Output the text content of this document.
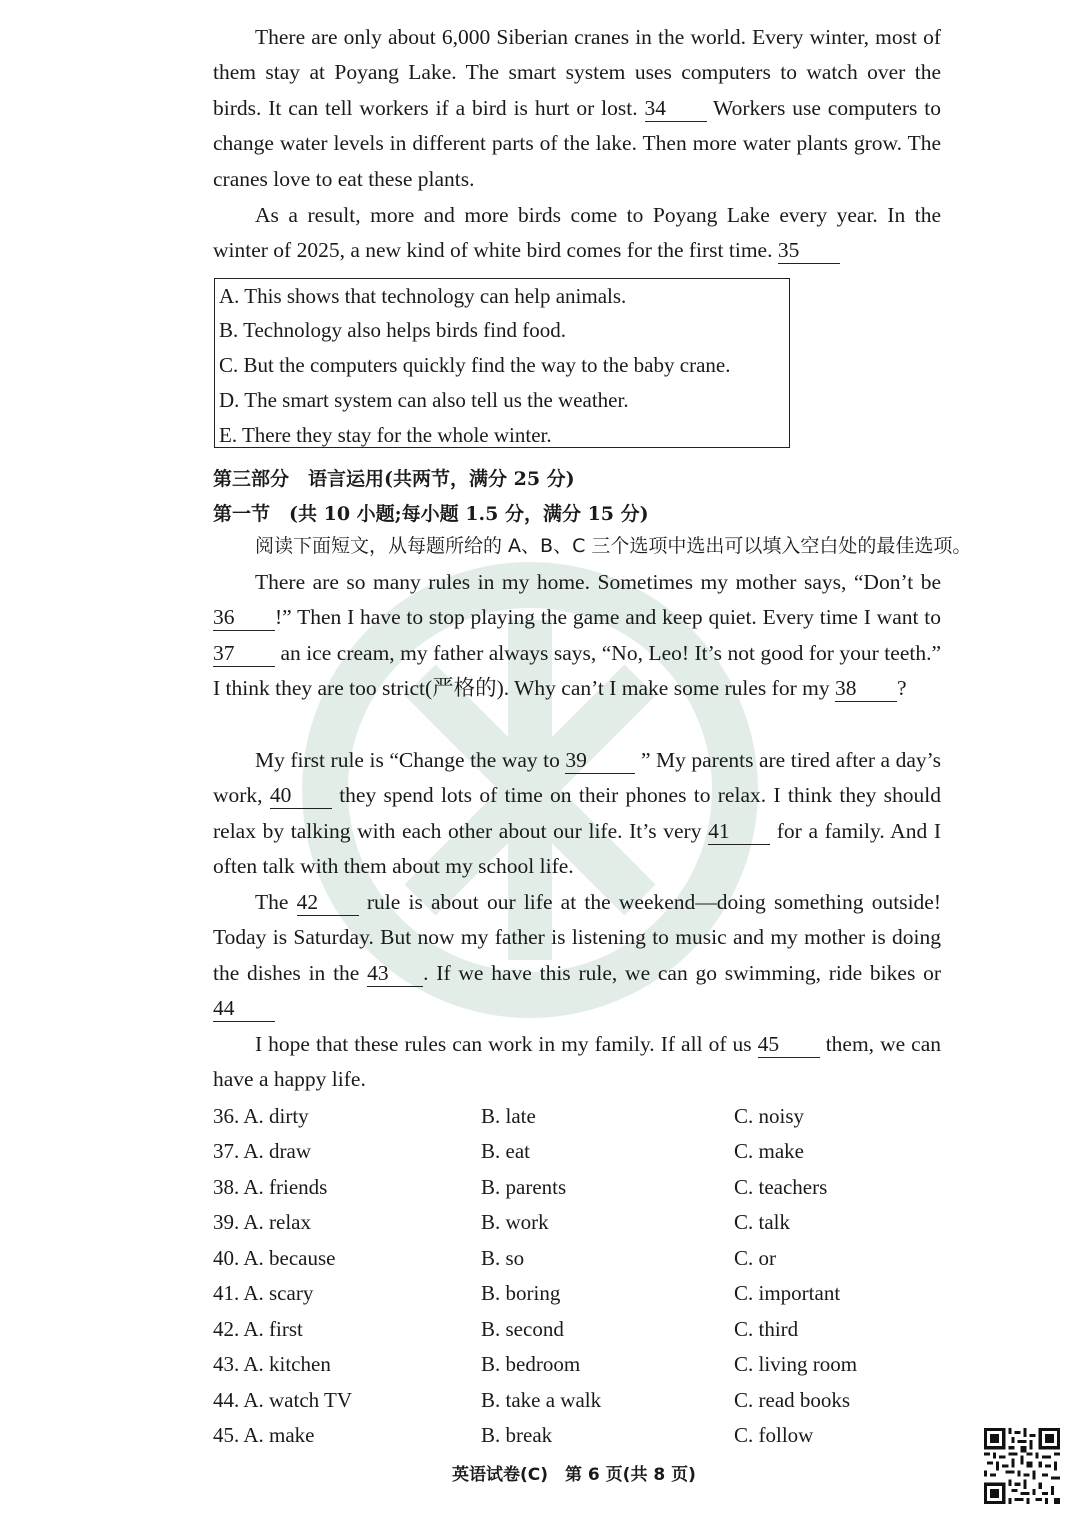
There are only about 6,000 Siberian cranes in the world. Every winter, most of them stay at Poyang Lake. The smart system uses computers to watch over the birds. It can tell workers if a bird is hurt or lost. 34 Workers use computers to change water levels in different parts of the lake. Then more water plants grow. The cranes love to eat these plants.

As a result, more and more birds come to Poyang Lake every year. In the winter of 2025, a new kind of white bird comes for the first time. 35

A. This shows that technology can help animals.
B. Technology also helps birds find food.
C. But the computers quickly find the way to the baby crane.
D. The smart system can also tell us the weather.
E. There they stay for the whole winter.
第三部分　语言运用(共两节，满分 25 分)
第一节　(共 10 小题;每小题 1.5 分，满分 15 分)
阅读下面短文，从每题所给的 A、B、C 三个选项中选出可以填入空白处的最佳选项。

There are so many rules in my home. Sometimes my mother says, “Don’t be 36 !” Then I have to stop playing the game and keep quiet. Every time I want to 37 an ice cream, my father always says, “No, Leo! It’s not good for your teeth.” I think they are too strict(严格的). Why can’t I make some rules for my 38 ?

My first rule is “Change the way to 39	” My parents are tired after a day’s work, 40 they spend lots of time on their phones to relax. I think they should relax by talking with each other about our life. It’s very 41 for a family. And I often talk with them about my school life.

The 42 rule is about our life at the weekend—doing something outside! Today is Saturday. But now my father is listening to music and my mother is doing the dishes in the 43 . If we have this rule, we can go swimming, ride bikes or 44

I hope that these rules can work in my family. If all of us 45 them, we can have a happy life.

36. A. dirty	B. late	C. noisy
37. A. draw	B. eat	C. make
38. A. friends	B. parents	C. teachers
39. A. relax	B. work	C. talk
40. A. because	B. so	C. or
41. A. scary	B. boring	C. important
42. A. first	B. second	C. third
43. A. kitchen	B. bedroom	C. living room
44. A. watch TV	B. take a walk	C. read books
45. A. make	B. break	C. follow
英语试卷(C)　第 6 页(共 8 页)
